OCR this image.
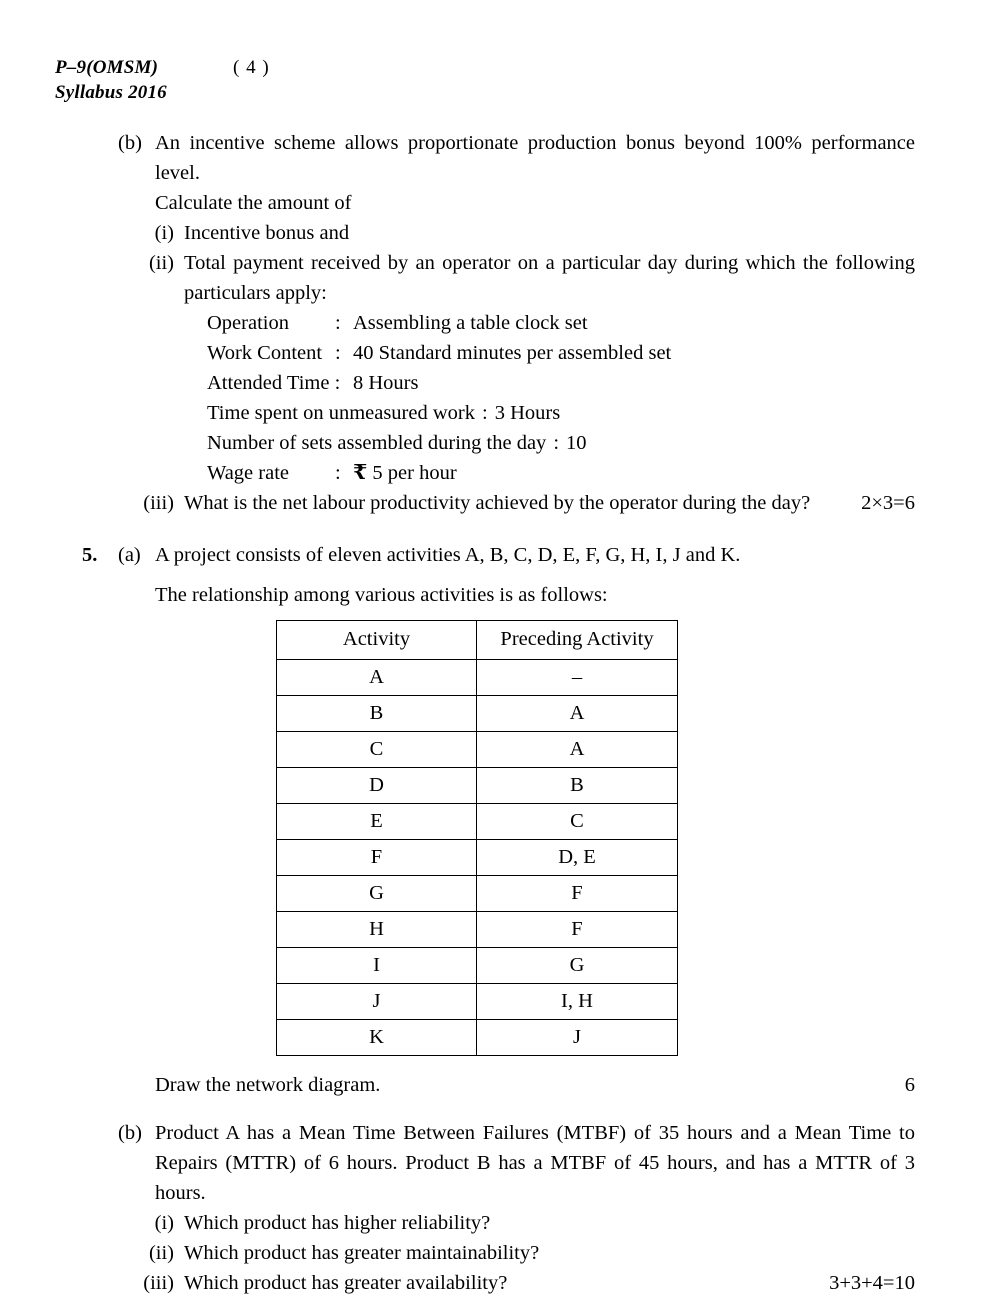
P–9(OMSM)
Syllabus 2016
( 4 )
(b) An incentive scheme allows proportionate production bonus beyond 100% performance level.
Calculate the amount of
(i) Incentive bonus and
(ii) Total payment received by an operator on a particular day during which the following particulars apply:
Operation	: Assembling a table clock set
Work Content : 40 Standard minutes per assembled set
Attended Time : 8 Hours
Time spent on unmeasured work : 3 Hours
Number of sets assembled during the day : 10
Wage rate	: ₹ 5 per hour
(iii) What is the net labour productivity achieved by the operator during the day?	2×3=6
5.	(a) A project consists of eleven activities A, B, C, D, E, F, G, H, I, J and K.
The relationship among various activities is as follows:
Activity	Preceding Activity
A	–
B	A
C	A
D	B
E	C
F	D, E
G	F
H	F
I	G
J	I, H
K	J
6
Draw the network diagram.
(b) Product A has a Mean Time Between Failures (MTBF) of 35 hours and a Mean Time to Repairs (MTTR) of 6 hours. Product B has a MTBF of 45 hours, and has a MTTR of 3 hours.
(i) Which product has higher reliability?
(ii) Which product has greater maintainability?
(iii) Which product has greater availability?	3+3+4=10
